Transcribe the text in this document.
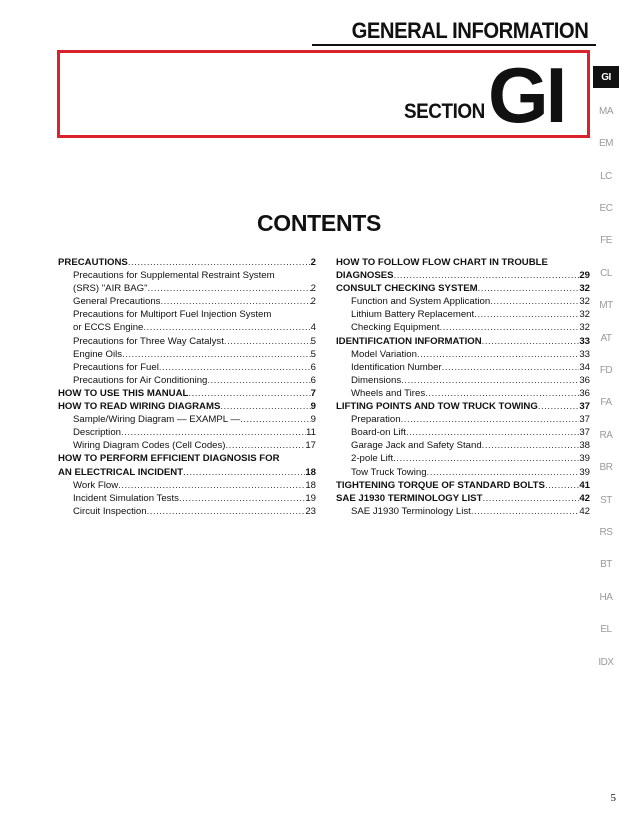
GENERAL INFORMATION
SECTION GI
CONTENTS
PRECAUTIONS .....	2
Precautions for Supplemental Restraint System
(SRS) "AIR BAG" .....	2
General Precautions .....	2
Precautions for Multiport Fuel Injection System
or ECCS Engine .....	4
Precautions for Three Way Catalyst .....	5
Engine Oils .....	5
Precautions for Fuel .....	6
Precautions for Air Conditioning .....	6
HOW TO USE THIS MANUAL .....	7
HOW TO READ WIRING DIAGRAMS .....	9
Sample/Wiring Diagram — EXAMPL — .....	9
Description .....	11
Wiring Diagram Codes (Cell Codes) .....	17
HOW TO PERFORM EFFICIENT DIAGNOSIS FOR
AN ELECTRICAL INCIDENT .....	18
Work Flow .....	18
Incident Simulation Tests .....	19
Circuit Inspection .....	23
HOW TO FOLLOW FLOW CHART IN TROUBLE
DIAGNOSES .....	29
CONSULT CHECKING SYSTEM .....	32
Function and System Application .....	32
Lithium Battery Replacement .....	32
Checking Equipment .....	32
IDENTIFICATION INFORMATION .....	33
Model Variation .....	33
Identification Number .....	34
Dimensions .....	36
Wheels and Tires .....	36
LIFTING POINTS AND TOW TRUCK TOWING .....	37
Preparation .....	37
Board-on Lift .....	37
Garage Jack and Safety Stand .....	38
2-pole Lift .....	39
Tow Truck Towing .....	39
TIGHTENING TORQUE OF STANDARD BOLTS .....	41
SAE J1930 TERMINOLOGY LIST .....	42
SAE J1930 Terminology List .....	42
GI
MA
EM
LC
EC
FE
CL
MT
AT
FD
FA
RA
BR
ST
RS
BT
HA
EL
IDX
5
